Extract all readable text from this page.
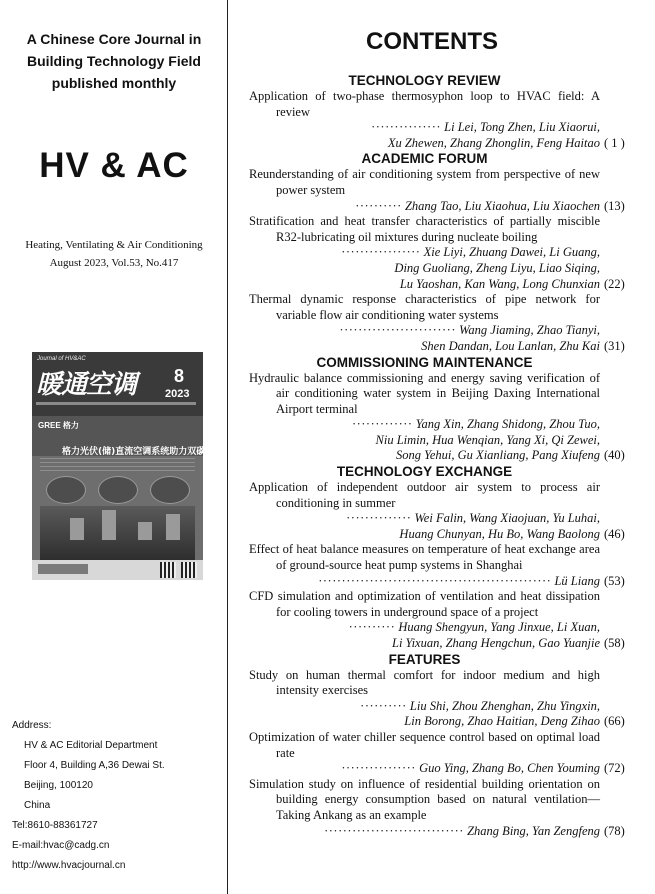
A Chinese Core Journal in
Building Technology Field
published monthly
HV & AC
Heating, Ventilating & Air Conditioning
August 2023, Vol.53, No.417
Journal of HV&AC
暖通空调	8
2023
GREE 格力
格力光伏(储)直流空调系统助力双碳目标
Address:
HV & AC Editorial Department
Floor 4, Building A,36 Dewai St.
Beijing, 100120
China
Tel:8610-88361727
E-mail:hvac@cadg.cn
http://www.hvacjournal.cn
CONTENTS
TECHNOLOGY REVIEW
Application of two-phase thermosyphon loop to HVAC field: A review
··············· Li Lei, Tong Zhen, Liu Xiaorui,
Xu Zhewen, Zhang Zhonglin, Feng Haitao ( 1 )
ACADEMIC FORUM
Reunderstanding of air conditioning system from perspective of new power system
·········· Zhang Tao, Liu Xiaohua, Liu Xiaochen (13)
Stratification and heat transfer characteristics of partially miscible R32-lubricating oil mixtures during nucleate boiling
················· Xie Liyi, Zhuang Dawei, Li Guang,
Ding Guoliang, Zheng Liyu, Liao Siqing,
Lu Yaoshan, Kan Wang, Long Chunxian (22)
Thermal dynamic response characteristics of pipe network for variable flow air conditioning water systems
························· Wang Jiaming, Zhao Tianyi,
Shen Dandan, Lou Lanlan, Zhu Kai (31)
COMMISSIONING MAINTENANCE
Hydraulic balance commissioning and energy saving verification of air conditioning water system in Beijing Daxing International Airport terminal
············· Yang Xin, Zhang Shidong, Zhou Tuo,
Niu Limin, Hua Wenqian, Yang Xi, Qi Zewei,
Song Yehui, Gu Xianliang, Pang Xiufeng (40)
TECHNOLOGY EXCHANGE
Application of independent outdoor air system to process air conditioning in summer
·············· Wei Falin, Wang Xiaojuan, Yu Luhai,
Huang Chunyan, Hu Bo, Wang Baolong (46)
Effect of heat balance measures on temperature of heat exchange area of ground-source heat pump systems in Shanghai
·················································· Lü Liang (53)
CFD simulation and optimization of ventilation and heat dissipation for cooling towers in underground space of a project
·········· Huang Shengyun, Yang Jinxue, Li Xuan,
Li Yixuan, Zhang Hengchun, Gao Yuanjie (58)
FEATURES
Study on human thermal comfort for indoor medium and high intensity exercises
·········· Liu Shi, Zhou Zhenghan, Zhu Yingxin,
Lin Borong, Zhao Haitian, Deng Zihao (66)
Optimization of water chiller sequence control based on optimal load rate
················ Guo Ying, Zhang Bo, Chen Youming (72)
Simulation study on influence of residential building orientation on building energy consumption based on natural ventilation—Taking Ankang as an example
······························ Zhang Bing, Yan Zengfeng (78)
